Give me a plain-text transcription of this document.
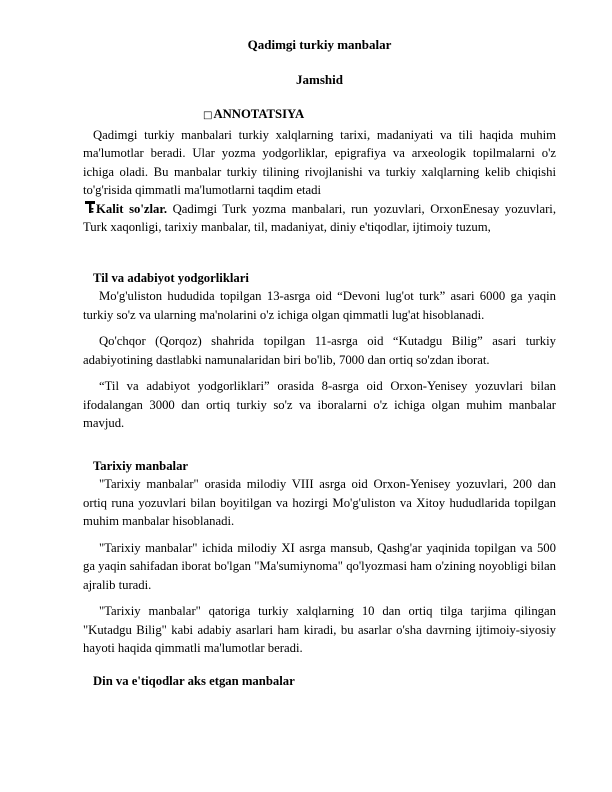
Qadimgi turkiy manbalar
Jamshid
□ANNOTATSIYA

Qadimgi turkiy manbalari turkiy xalqlarning tarixi, madaniyati va tili haqida muhim ma'lumotlar beradi. Ular yozma yodgorliklar, epigrafiya va arxeologik topilmalarni o'z ichiga oladi. Bu manbalar turkiy tilining rivojlanishi va turkiy xalqlarning kelib chiqishi to'g'risida qimmatli ma'lumotlarni taqdim etadi

Kalit so'zlar. Qadimgi Turk yozma manbalari, run yozuvlari, OrxonEnesay yozuvlari, Turk xaqonligi, tarixiy manbalar, til, madaniyat, diniy e'tiqodlar, ijtimoiy tuzum,

Til va adabiyot yodgorliklari

Mo'g'uliston hududida topilgan 13-asrga oid “Devoni lug'ot turk” asari 6000 ga yaqin turkiy so'z va ularning ma'nolarini o'z ichiga olgan qimmatli lug'at hisoblanadi.

Qo'chqor (Qorqoz) shahrida topilgan 11-asrga oid “Kutadgu Bilig” asari turkiy adabiyotining dastlabki namunalaridan biri bo'lib, 7000 dan ortiq so'zdan iborat.

“Til va adabiyot yodgorliklari” orasida 8-asrga oid Orxon-Yenisey yozuvlari bilan ifodalangan 3000 dan ortiq turkiy so'z va iboralarni o'z ichiga olgan muhim manbalar mavjud.

Tarixiy manbalar

"Tarixiy manbalar" orasida milodiy VIII asrga oid Orxon-Yenisey yozuvlari, 200 dan ortiq runa yozuvlari bilan boyitilgan va hozirgi Mo'g'uliston va Xitoy hududlarida topilgan muhim manbalar hisoblanadi.

"Tarixiy manbalar" ichida milodiy XI asrga mansub, Qashg'ar yaqinida topilgan va 500 ga yaqin sahifadan iborat bo'lgan "Ma'sumiynoma" qo'lyozmasi ham o'zining noyobligi bilan ajralib turadi.

"Tarixiy manbalar" qatoriga turkiy xalqlarning 10 dan ortiq tilga tarjima qilingan "Kutadgu Bilig" kabi adabiy asarlari ham kiradi, bu asarlar o'sha davrning ijtimoiy-siyosiy hayoti haqida qimmatli ma'lumotlar beradi.

Din va e'tiqodlar aks etgan manbalar
